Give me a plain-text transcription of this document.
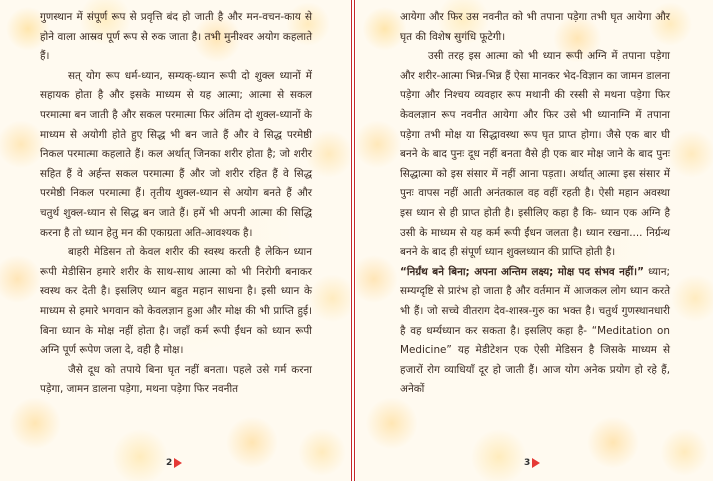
गुणस्थान में संपूर्ण रूप से प्रवृत्ति बंद हो जाती है और मन-वचन-काय से होने वाला आस्रव पूर्ण रूप से रुक जाता है। तभी मुनीश्वर अयोग कहलाते हैं।

सत् योग रूप धर्म-ध्यान, सम्यक्-ध्यान रूपी दो शुक्ल ध्यानों में सहायक होता है और इसके माध्यम से यह आत्मा; आत्मा से सकल परमात्मा बन जाती है और सकल परमात्मा फिर अंतिम दो शुक्ल-ध्यानों के माध्यम से अयोगी होते हुए सिद्ध भी बन जाते हैं और वे सिद्ध परमेष्ठी निकल परमात्मा कहलाते हैं। कल अर्थात् जिनका शरीर होता है; जो शरीर सहित हैं वे अर्हन्त सकल परमात्मा हैं और जो शरीर रहित हैं वे सिद्ध परमेष्ठी निकल परमात्मा हैं। तृतीय शुक्ल-ध्यान से अयोग बनते हैं और चतुर्थ शुक्ल-ध्यान से सिद्ध बन जाते हैं। हमें भी अपनी आत्मा की सिद्धि करना है तो ध्यान हेतु मन की एकाग्रता अति-आवश्यक है।

बाहरी मेडिसन तो केवल शरीर की स्वस्थ करती है लेकिन ध्यान रूपी मेडीसिन हमारे शरीर के साथ-साथ आत्मा को भी निरोगी बनाकर स्वस्थ कर देती है। इसलिए ध्यान बहुत महान साधना है। इसी ध्यान के माध्यम से हमारे भगवान को केवलज्ञान हुआ और मोक्ष की भी प्राप्ति हुई। बिना ध्यान के मोक्ष नहीं होता है। जहाँ कर्म रूपी ईंधन को ध्यान रूपी अग्नि पूर्ण रूपेण जला दे, वही है मोक्ष।

जैसे दूध को तपाये बिना घृत नहीं बनता। पहले उसे गर्म करना पड़ेगा, जामन डालना पड़ेगा, मथना पड़ेगा फिर नवनीत

2

आयेगा और फिर उस नवनीत को भी तपाना पड़ेगा तभी घृत आयेगा और घृत की विशेष सुगंधि फूटेगी।

उसी तरह इस आत्मा को भी ध्यान रूपी अग्नि में तपाना पड़ेगा और शरीर-आत्मा भिन्न-भिन्न हैं ऐसा मानकर भेद-विज्ञान का जामन डालना पड़ेगा और निश्चय व्यवहार रूप मथानी की रस्सी से मथना पड़ेगा फिर केवलज्ञान रूप नवनीत आयेगा और फिर उसे भी ध्यानाग्नि में तपाना पड़ेगा तभी मोक्ष या सिद्धावस्था रूप घृत प्राप्त होगा। जैसे एक बार घी बनने के बाद पुनः दूध नहीं बनता वैसे ही एक बार मोक्ष जाने के बाद पुनः सिद्धात्मा को इस संसार में नहीं आना पड़ता। अर्थात् आत्मा इस संसार में पुनः वापस नहीं आती अनंतकाल वह वहीं रहती है। ऐसी महान अवस्था इस ध्यान से ही प्राप्त होती है। इसीलिए कहा है कि- ध्यान एक अग्नि है उसी के माध्यम से यह कर्म रूपी ईंधन जलता है। ध्यान रखना.... निर्ग्रन्थ बनने के बाद ही संपूर्ण ध्यान शुक्लध्यान की प्राप्ति होती है।

“निर्ग्रंथ बने बिना; अपना अन्तिम लक्ष्य; मोक्ष पद संभव नहीं।” ध्यान; सम्यग्दृष्टि से प्रारंभ हो जाता है और वर्तमान में आजकल लोग ध्यान करते भी हैं। जो सच्चे वीतराग देव-शास्त्र-गुरु का भक्त है। चतुर्थ गुणस्थानधारी है वह धर्म्यध्यान कर सकता है। इसलिए कहा है- “Meditation on Medicine” यह मेडीटेशन एक ऐसी मेडिसन है जिसके माध्यम से हजारों रोग व्याधियाँ दूर हो जाती हैं। आज योग अनेक प्रयोग हो रहे हैं, अनेकों

3
